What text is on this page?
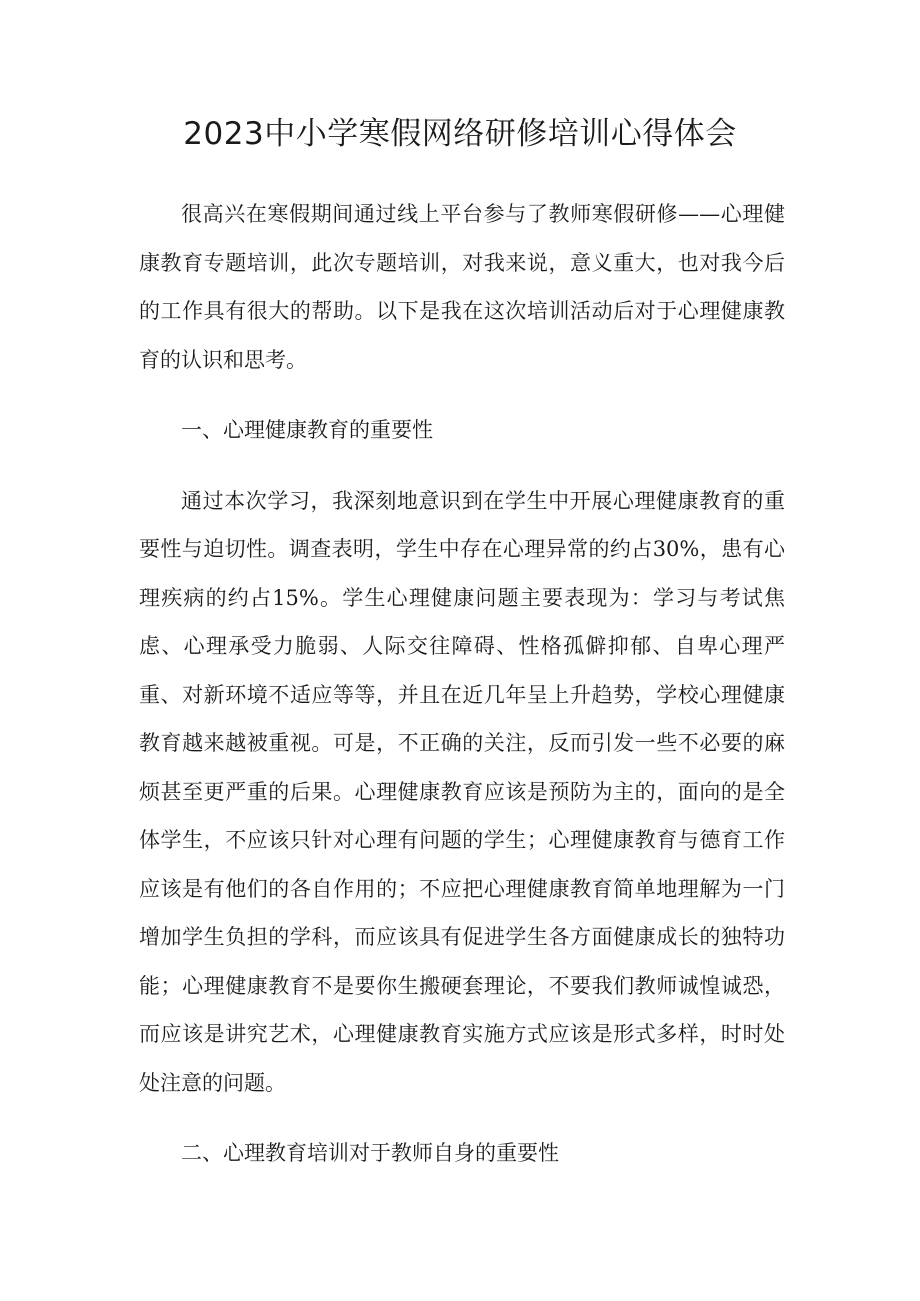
2023中小学寒假网络研修培训心得体会

很高兴在寒假期间通过线上平台参与了教师寒假研修——心理健康教育专题培训，此次专题培训，对我来说，意义重大，也对我今后的工作具有很大的帮助。以下是我在这次培训活动后对于心理健康教育的认识和思考。

一、心理健康教育的重要性

通过本次学习，我深刻地意识到在学生中开展心理健康教育的重要性与迫切性。调查表明，学生中存在心理异常的约占30%，患有心理疾病的约占15%。学生心理健康问题主要表现为：学习与考试焦虑、心理承受力脆弱、人际交往障碍、性格孤僻抑郁、自卑心理严重、对新环境不适应等等，并且在近几年呈上升趋势，学校心理健康教育越来越被重视。可是，不正确的关注，反而引发一些不必要的麻烦甚至更严重的后果。心理健康教育应该是预防为主的，面向的是全体学生，不应该只针对心理有问题的学生；心理健康教育与德育工作应该是有他们的各自作用的；不应把心理健康教育简单地理解为一门增加学生负担的学科，而应该具有促进学生各方面健康成长的独特功能；心理健康教育不是要你生搬硬套理论，不要我们教师诚惶诚恐，而应该是讲究艺术，心理健康教育实施方式应该是形式多样，时时处处注意的问题。

二、心理教育培训对于教师自身的重要性
